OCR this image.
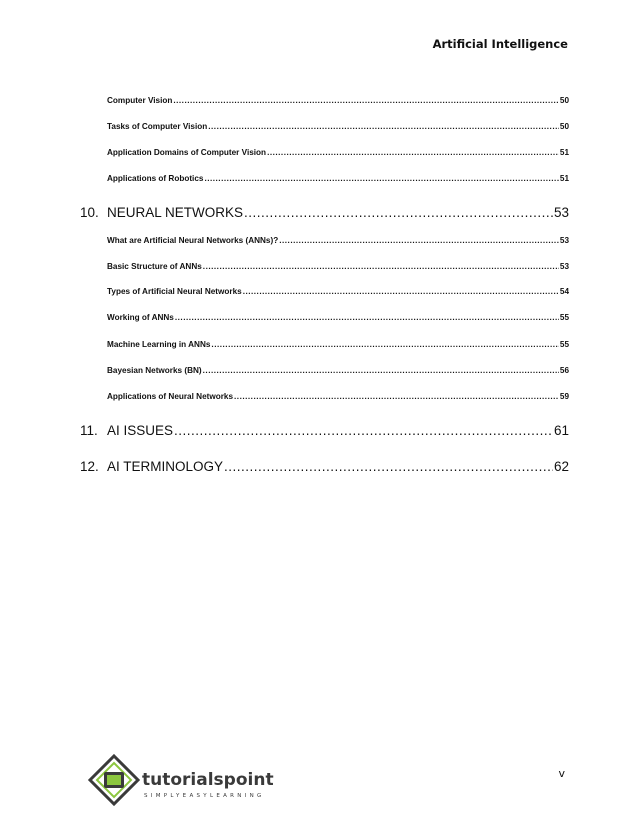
Artificial Intelligence
Computer Vision .....	50
Tasks of Computer Vision .....	50
Application Domains of Computer Vision .....	51
Applications of Robotics .....	51
10. NEURAL NETWORKS .....	53
What are Artificial Neural Networks (ANNs)? .....	53
Basic Structure of ANNs .....	53
Types of Artificial Neural Networks .....	54
Working of ANNs .....	55
Machine Learning in ANNs .....	55
Bayesian Networks (BN) .....	56
Applications of Neural Networks .....	59
11. AI ISSUES .....	61
12. AI TERMINOLOGY .....	62
tutorialspoint
SIMPLYEASYLEARNING
v
